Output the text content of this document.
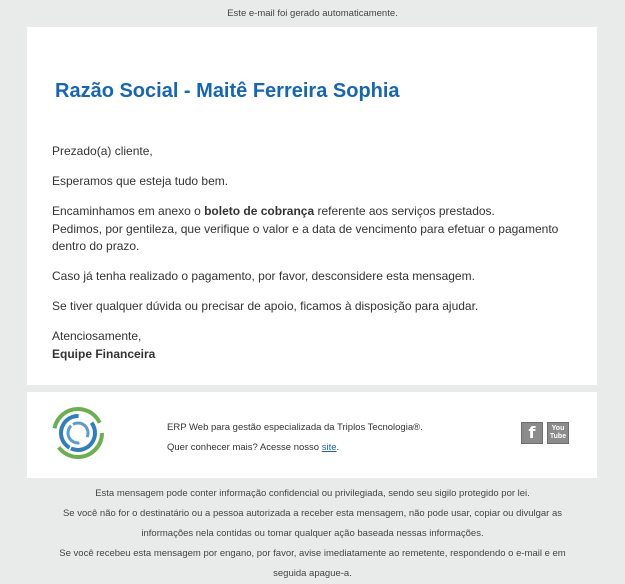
Este e-mail foi gerado automaticamente.
Razão Social - Maitê Ferreira Sophia

Prezado(a) cliente,

Esperamos que esteja tudo bem.

Encaminhamos em anexo o boleto de cobrança referente aos serviços prestados.
Pedimos, por gentileza, que verifique o valor e a data de vencimento para efetuar o pagamento dentro do prazo.

Caso já tenha realizado o pagamento, por favor, desconsidere esta mensagem.

Se tiver qualquer dúvida ou precisar de apoio, ficamos à disposição para ajudar.

Atenciosamente,
Equipe Financeira

ERP Web para gestão especializada da Triplos Tecnologia®.
Quer conhecer mais? Acesse nosso site.
f You
Tube
Esta mensagem pode conter informação confidencial ou privilegiada, sendo seu sigilo protegido por lei.
Se você não for o destinatário ou a pessoa autorizada a receber esta mensagem, não pode usar, copiar ou divulgar as
informações nela contidas ou tomar qualquer ação baseada nessas informações.
Se você recebeu esta mensagem por engano, por favor, avise imediatamente ao remetente, respondendo o e-mail e em
seguida apague-a.
